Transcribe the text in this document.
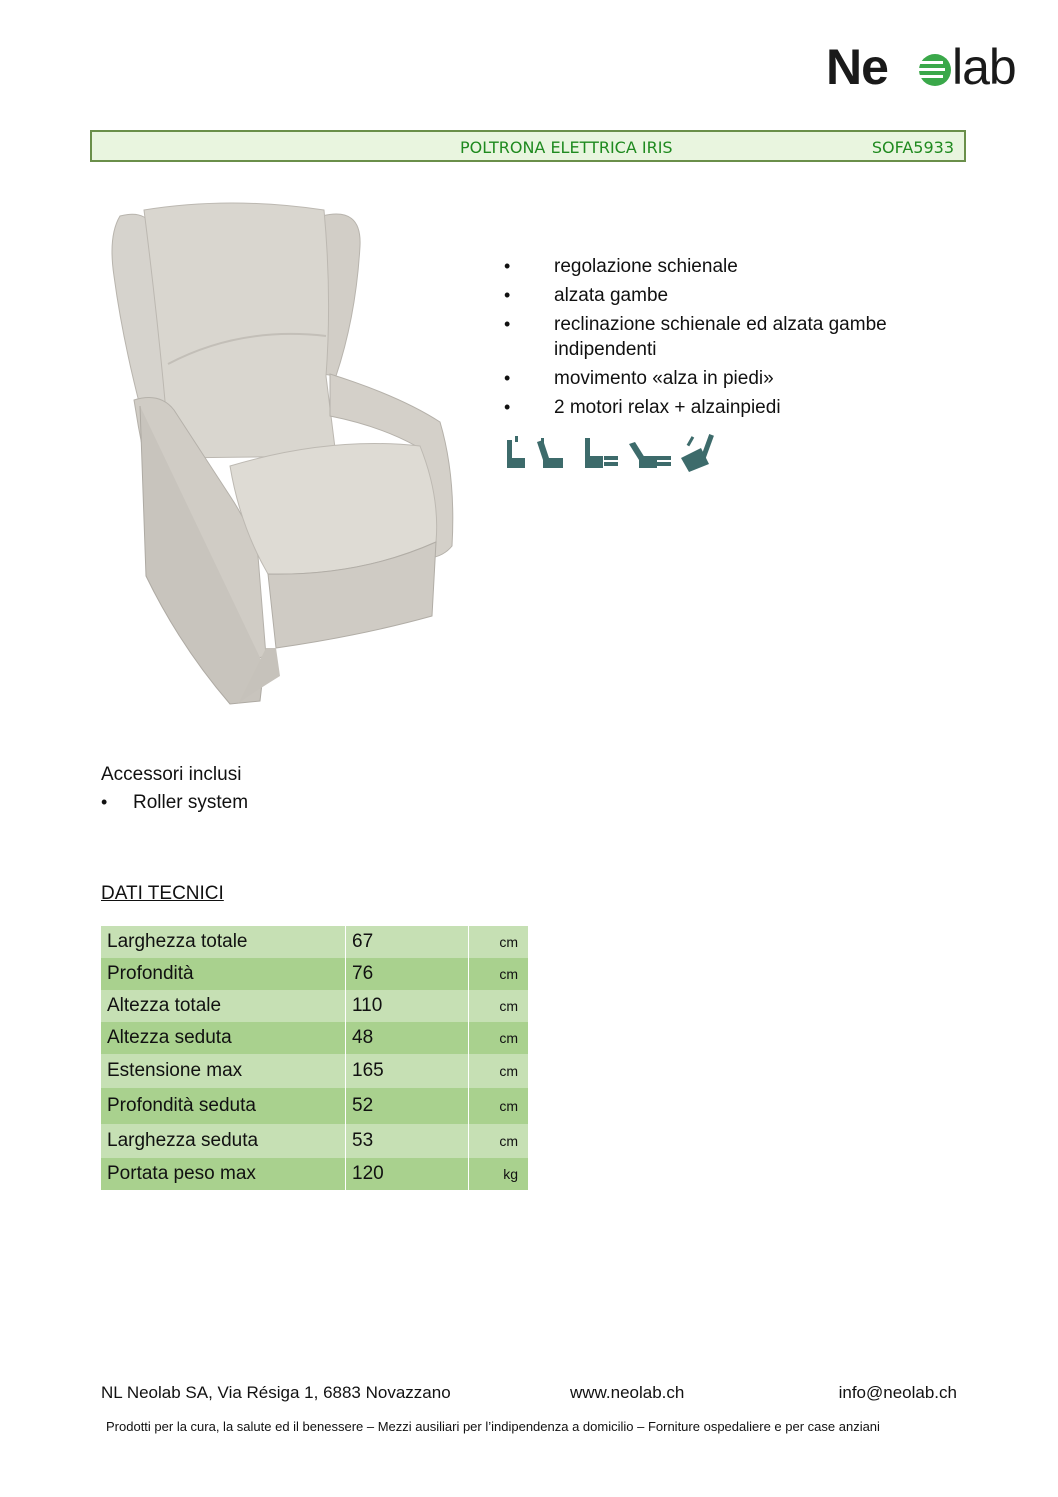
Ne lab
POLTRONA ELETTRICA IRIS	SOFA5933
• regolazione schienale
• alzata gambe
• reclinazione schienale ed alzata gambe indipendenti
• movimento «alza in piedi»
• 2 motori relax + alzainpiedi
Accessori inclusi
• Roller system
DATI TECNICI
Larghezza totale	67	cm
Profondità	76	cm
Altezza totale	110	cm
Altezza seduta	48	cm
Estensione max	165	cm
Profondità seduta	52	cm
Larghezza seduta	53	cm
Portata peso max	120	kg
NL Neolab SA, Via Résiga 1, 6883 Novazzano	www.neolab.ch	info@neolab.ch
Prodotti per la cura, la salute ed il benessere – Mezzi ausiliari per l’indipendenza a domicilio – Forniture ospedaliere e per case anziani
